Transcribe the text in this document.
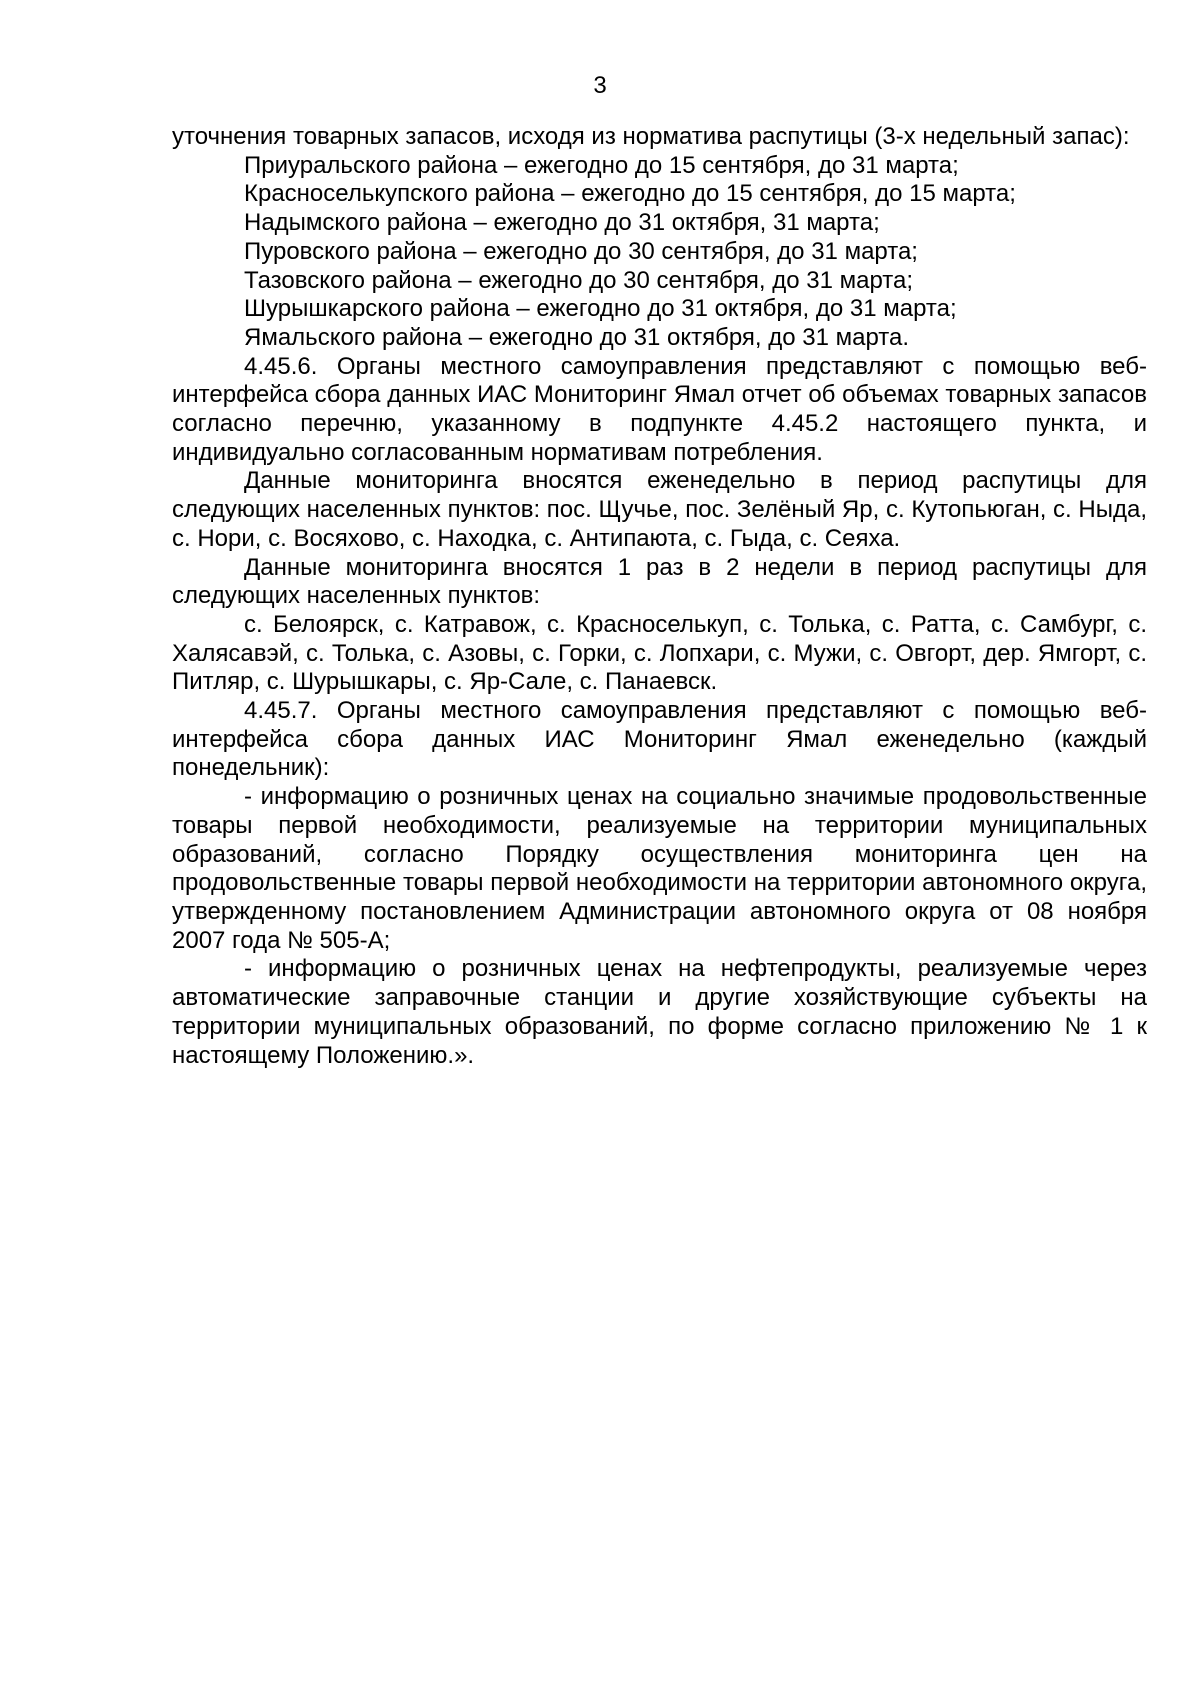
3

уточнения товарных запасов, исходя из норматива распутицы (3-х недельный запас):

Приуральского района – ежегодно до 15 сентября, до 31 марта;

Красноселькупского района – ежегодно до 15 сентября, до 15 марта;

Надымского района – ежегодно до 31 октября, 31 марта;

Пуровского района – ежегодно до 30 сентября, до 31 марта;

Тазовского района – ежегодно до 30 сентября, до 31 марта;

Шурышкарского района – ежегодно до 31 октября, до 31 марта;

Ямальского района – ежегодно до 31 октября, до 31 марта.

4.45.6. Органы местного самоуправления представляют с помощью веб-интерфейса сбора данных ИАС Мониторинг Ямал отчет об объемах товарных запасов согласно перечню, указанному в подпункте 4.45.2 настоящего пункта, и индивидуально согласованным нормативам потребления.

Данные мониторинга вносятся еженедельно в период распутицы для следующих населенных пунктов: пос. Щучье, пос. Зелёный Яр, с. Кутопьюган, с. Ныда, с. Нори, с. Восяхово, с. Находка, с. Антипаюта, с. Гыда, с. Сеяха.

Данные мониторинга вносятся 1 раз в 2 недели в период распутицы для следующих населенных пунктов:

с. Белоярск, с. Катравож, с. Красноселькуп, с. Толька, с. Ратта, с. Самбург, с. Халясавэй, с. Толька, с. Азовы, с. Горки, с. Лопхари, с. Мужи, с. Овгорт, дер. Ямгорт, с. Питляр, с. Шурышкары, с. Яр-Сале, с. Панаевск.

4.45.7. Органы местного самоуправления представляют с помощью веб-интерфейса сбора данных ИАС Мониторинг Ямал еженедельно (каждый понедельник):

- информацию о розничных ценах на социально значимые продовольственные товары первой необходимости, реализуемые на территории муниципальных образований, согласно Порядку осуществления мониторинга цен на продовольственные товары первой необходимости на территории автономного округа, утвержденному постановлением Администрации автономного округа от 08 ноября 2007 года № 505-А;

- информацию о розничных ценах на нефтепродукты, реализуемые через автоматические заправочные станции и другие хозяйствующие субъекты на территории муниципальных образований, по форме согласно приложению № 1 к настоящему Положению.».
